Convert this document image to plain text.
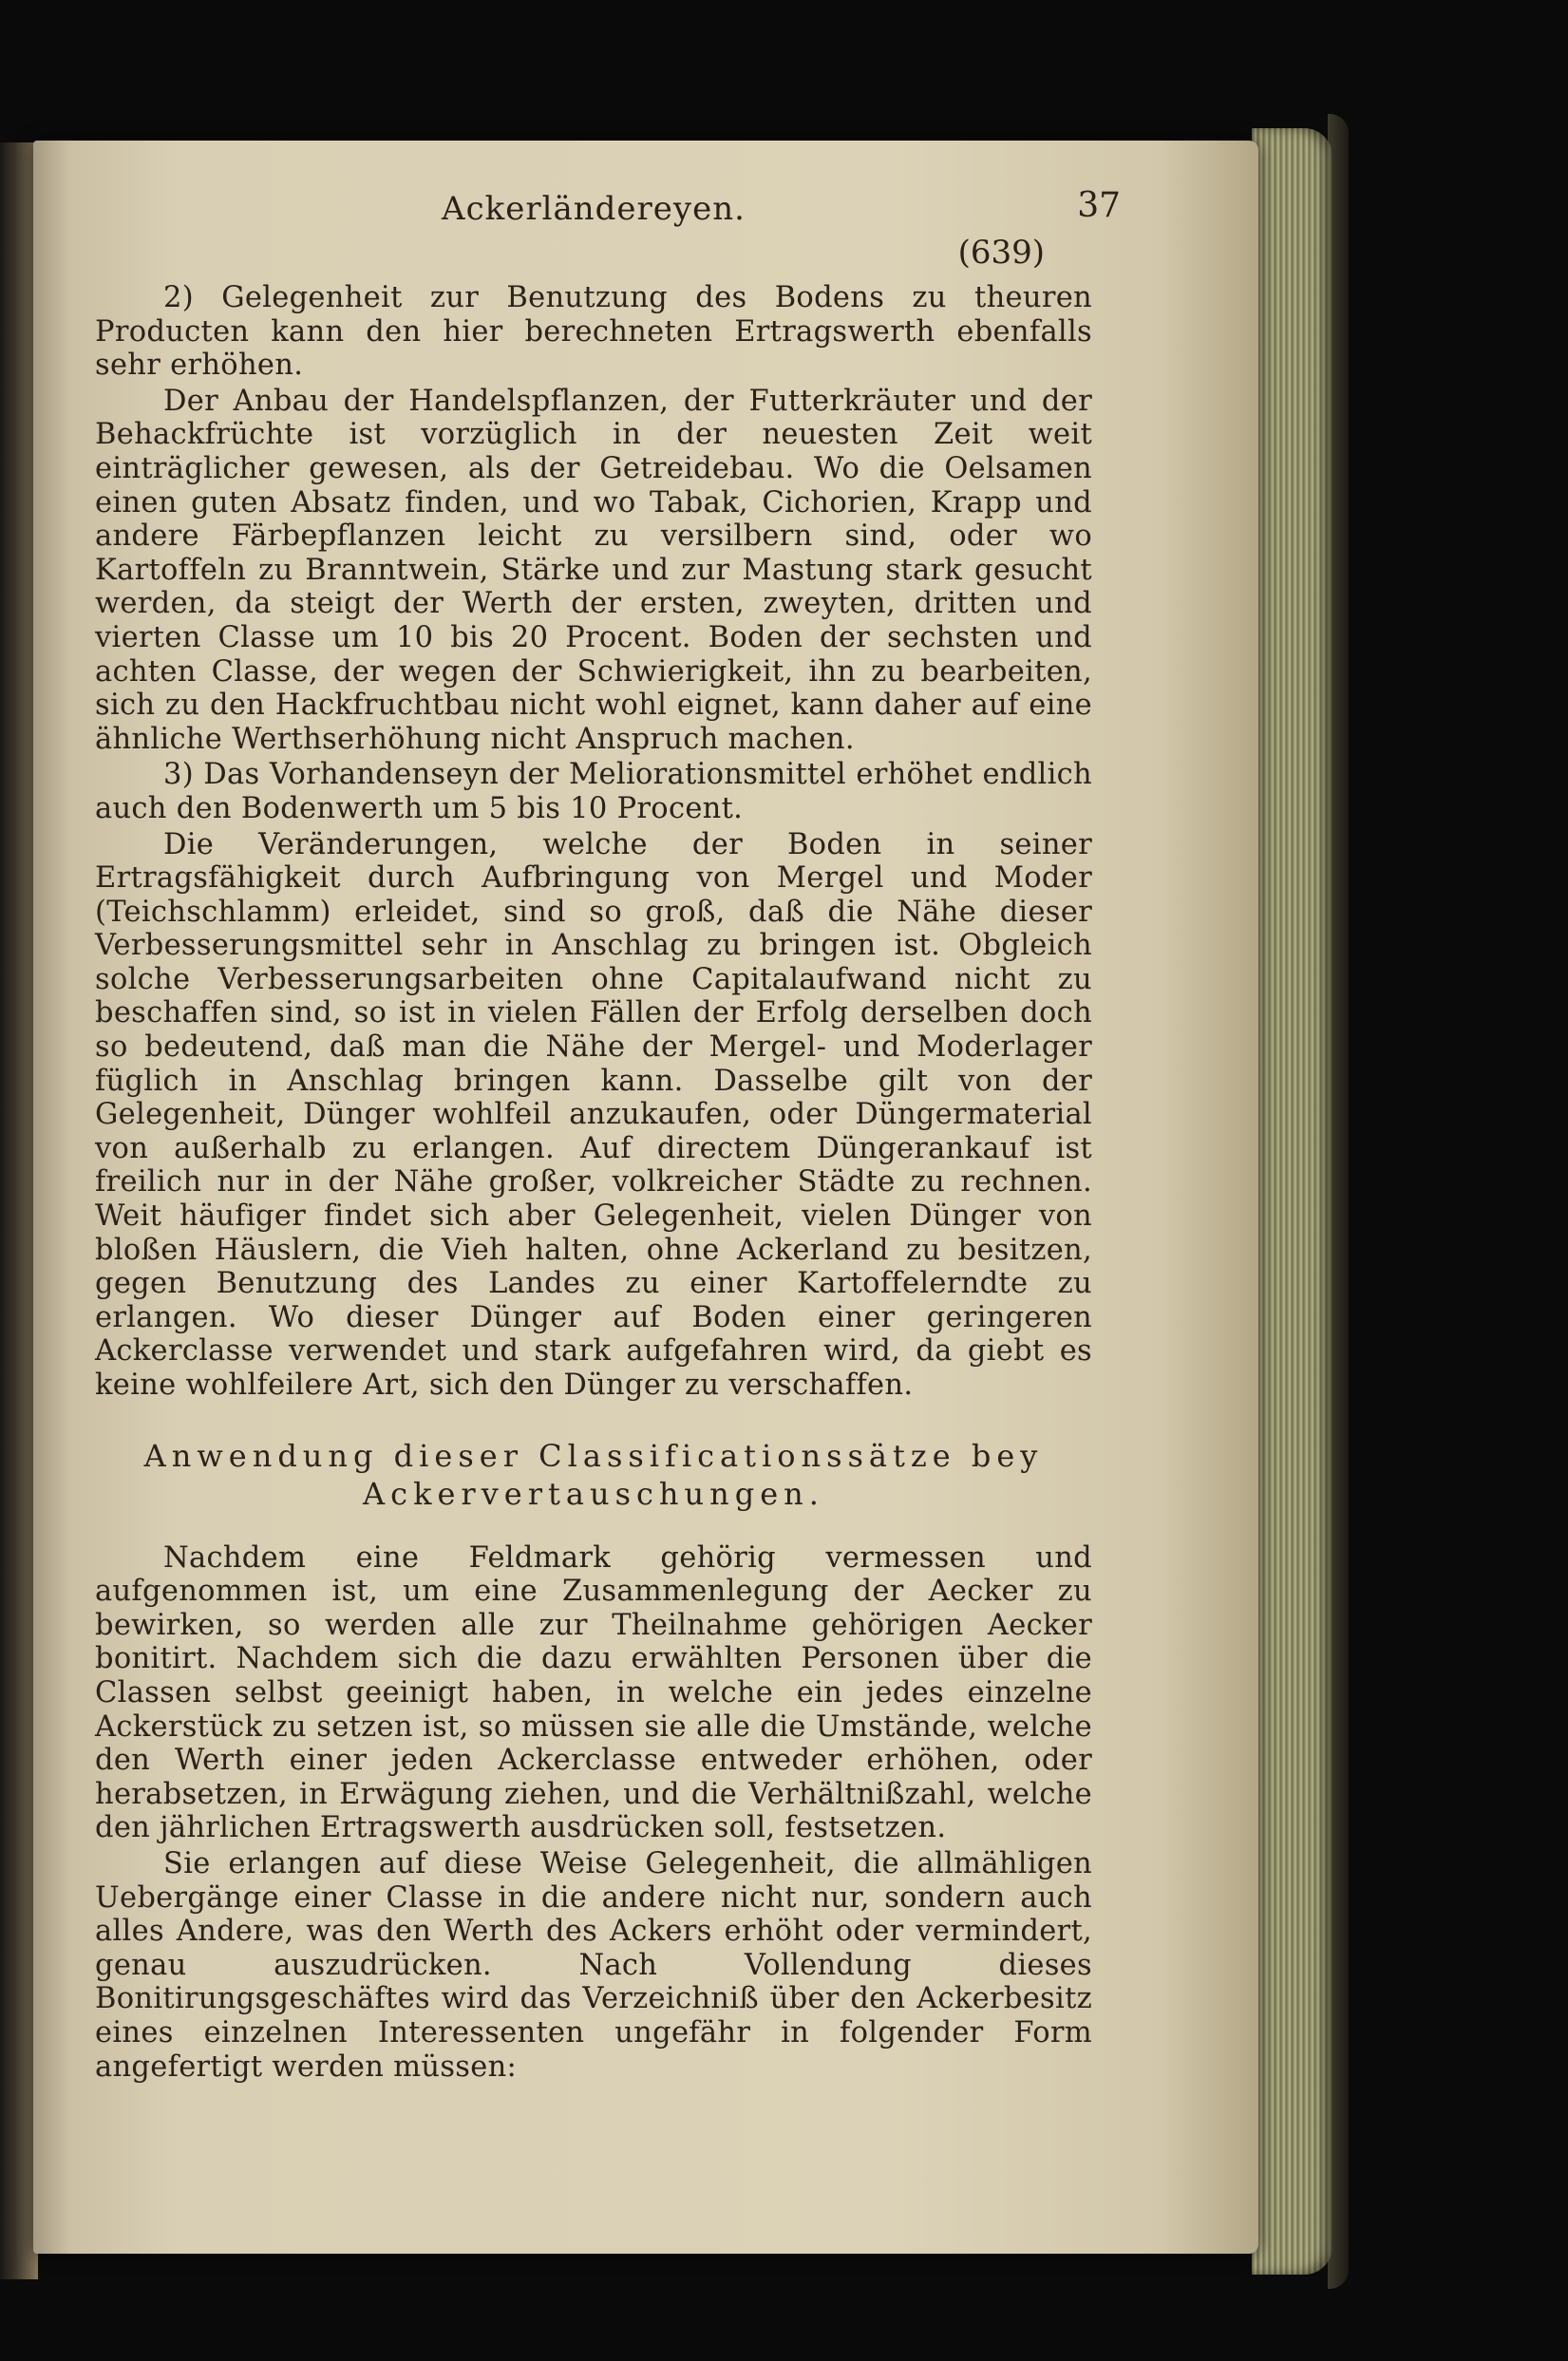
Ackerländereyen.	37
(639)

2) Gelegenheit zur Benutzung des Bodens zu theuren Producten kann den hier berechneten Ertragswerth ebenfalls sehr erhöhen.

Der Anbau der Handelspflanzen, der Futterkräuter und der Behackfrüchte ist vorzüglich in der neuesten Zeit weit einträglicher gewesen, als der Getreidebau. Wo die Oelsamen einen guten Absatz finden, und wo Tabak, Cichorien, Krapp und andere Färbepflanzen leicht zu versilbern sind, oder wo Kartoffeln zu Branntwein, Stärke und zur Mastung stark gesucht werden, da steigt der Werth der ersten, zweyten, dritten und vierten Classe um 10 bis 20 Procent. Boden der sechsten und achten Classe, der wegen der Schwierigkeit, ihn zu bearbeiten, sich zu den Hackfruchtbau nicht wohl eignet, kann daher auf eine ähnliche Werthserhöhung nicht Anspruch machen.

3) Das Vorhandenseyn der Meliorationsmittel erhöhet endlich auch den Bodenwerth um 5 bis 10 Procent.

Die Veränderungen, welche der Boden in seiner Ertragsfähigkeit durch Aufbringung von Mergel und Moder (Teichschlamm) erleidet, sind so groß, daß die Nähe dieser Verbesserungsmittel sehr in Anschlag zu bringen ist. Obgleich solche Verbesserungsarbeiten ohne Capitalaufwand nicht zu beschaffen sind, so ist in vielen Fällen der Erfolg derselben doch so bedeutend, daß man die Nähe der Mergel- und Moderlager füglich in Anschlag bringen kann. Dasselbe gilt von der Gelegenheit, Dünger wohlfeil anzukaufen, oder Düngermaterial von außerhalb zu erlangen. Auf directem Düngerankauf ist freilich nur in der Nähe großer, volkreicher Städte zu rechnen. Weit häufiger findet sich aber Gelegenheit, vielen Dünger von bloßen Häuslern, die Vieh halten, ohne Ackerland zu besitzen, gegen Benutzung des Landes zu einer Kartoffelerndte zu erlangen. Wo dieser Dünger auf Boden einer geringeren Ackerclasse verwendet und stark aufgefahren wird, da giebt es keine wohlfeilere Art, sich den Dünger zu verschaffen.

Anwendung dieser Classificationssätze bey
Ackervertauschungen.

Nachdem eine Feldmark gehörig vermessen und aufgenommen ist, um eine Zusammenlegung der Aecker zu bewirken, so werden alle zur Theilnahme gehörigen Aecker bonitirt. Nachdem sich die dazu erwählten Personen über die Classen selbst geeinigt haben, in welche ein jedes einzelne Ackerstück zu setzen ist, so müssen sie alle die Umstände, welche den Werth einer jeden Ackerclasse entweder erhöhen, oder herabsetzen, in Erwägung ziehen, und die Verhältnißzahl, welche den jährlichen Ertragswerth ausdrücken soll, festsetzen.

Sie erlangen auf diese Weise Gelegenheit, die allmähligen Uebergänge einer Classe in die andere nicht nur, sondern auch alles Andere, was den Werth des Ackers erhöht oder vermindert, genau auszudrücken. Nach Vollendung dieses Bonitirungsgeschäftes wird das Verzeichniß über den Ackerbesitz eines einzelnen Interessenten ungefähr in folgender Form angefertigt werden müssen:
